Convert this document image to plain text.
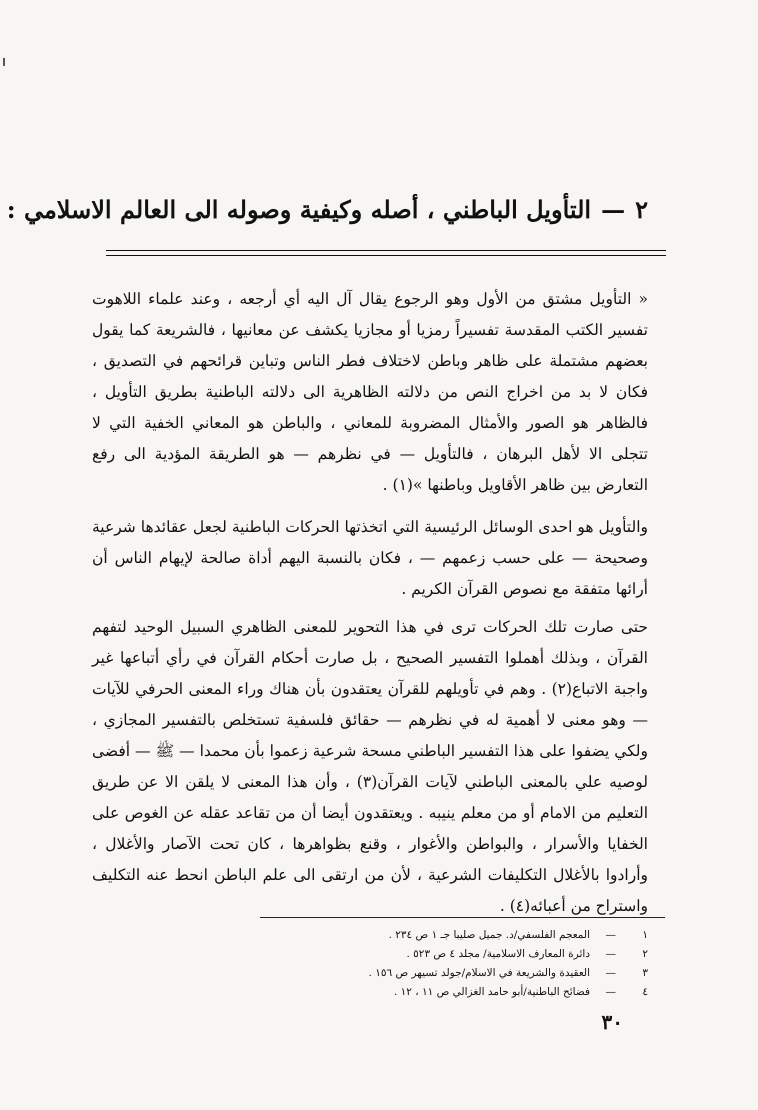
٢—التأويل الباطني ، أصله وكيفية وصوله الى العالم الاسلامي :

« التأويل مشتق من الأول وهو الرجوع يقال آل اليه أي أرجعه ، وعند علماء اللاهوت تفسير الكتب المقدسة تفسيراً رمزيا أو مجازيا يكشف عن معانيها ، فالشريعة كما يقول بعضهم مشتملة على ظاهر وباطن لاختلاف فطر الناس وتباين قرائحهم في التصديق ، فكان لا بد من اخراج النص من دلالته الظاهرية الى دلالته الباطنية بطريق التأويل ، فالظاهر هو الصور والأمثال المضروبة للمعاني ، والباطن هو المعاني الخفية التي لا تتجلى الا لأهل البرهان ، فالتأويل — في نظرهم — هو الطريقة المؤدية الى رفع التعارض بين ظاهر الأقاويل وباطنها »(١) .

والتأويل هو احدى الوسائل الرئيسية التي اتخذتها الحركات الباطنية لجعل عقائدها شرعية وصحيحة — على حسب زعمهم — ، فكان بالنسبة اليهم أداة صالحة لإيهام الناس أن أرائها متفقة مع نصوص القرآن الكريم .

حتى صارت تلك الحركات ترى في هذا التحوير للمعنى الظاهري السبيل الوحيد لتفهم القرآن ، وبذلك أهملوا التفسير الصحيح ، بل صارت أحكام القرآن في رأي أتباعها غير واجبة الاتباع(٢) . وهم في تأويلهم للقرآن يعتقدون بأن هناك وراء المعنى الحرفي للآيات — وهو معنى لا أهمية له في نظرهم — حقائق فلسفية تستخلص بالتفسير المجازي ، ولكي يضفوا على هذا التفسير الباطني مسحة شرعية زعموا بأن محمدا — ﷺ — أفضى لوصيه علي بالمعنى الباطني لآيات القرآن(٣) ، وأن هذا المعنى لا يلقن الا عن طريق التعليم من الامام أو من معلم ينيبه . ويعتقدون أيضا أن من تقاعد عقله عن الغوص على الخفايا والأسرار ، والبواطن والأغوار ، وقنع بظواهرها ، كان تحت الآصار والأغلال ، وأرادوا بالأغلال التكليفات الشرعية ، لأن من ارتقى الى علم الباطن انحط عنه التكليف واستراح من أعبائه(٤) .

١
—
المعجم الفلسفي/د. جميل صليبا جـ ١ ص ٢٣٤ .
٢
—
دائرة المعارف الاسلامية/ مجلد ٤ ص ٥٢٣ .
٣
—
العقيدة والشريعة في الاسلام/جولد تسيهر ص ١٥٦ .
٤
—
فضائح الباطنية/أبو حامد الغزالي ص ١١ ، ١٢ .
٣٠
